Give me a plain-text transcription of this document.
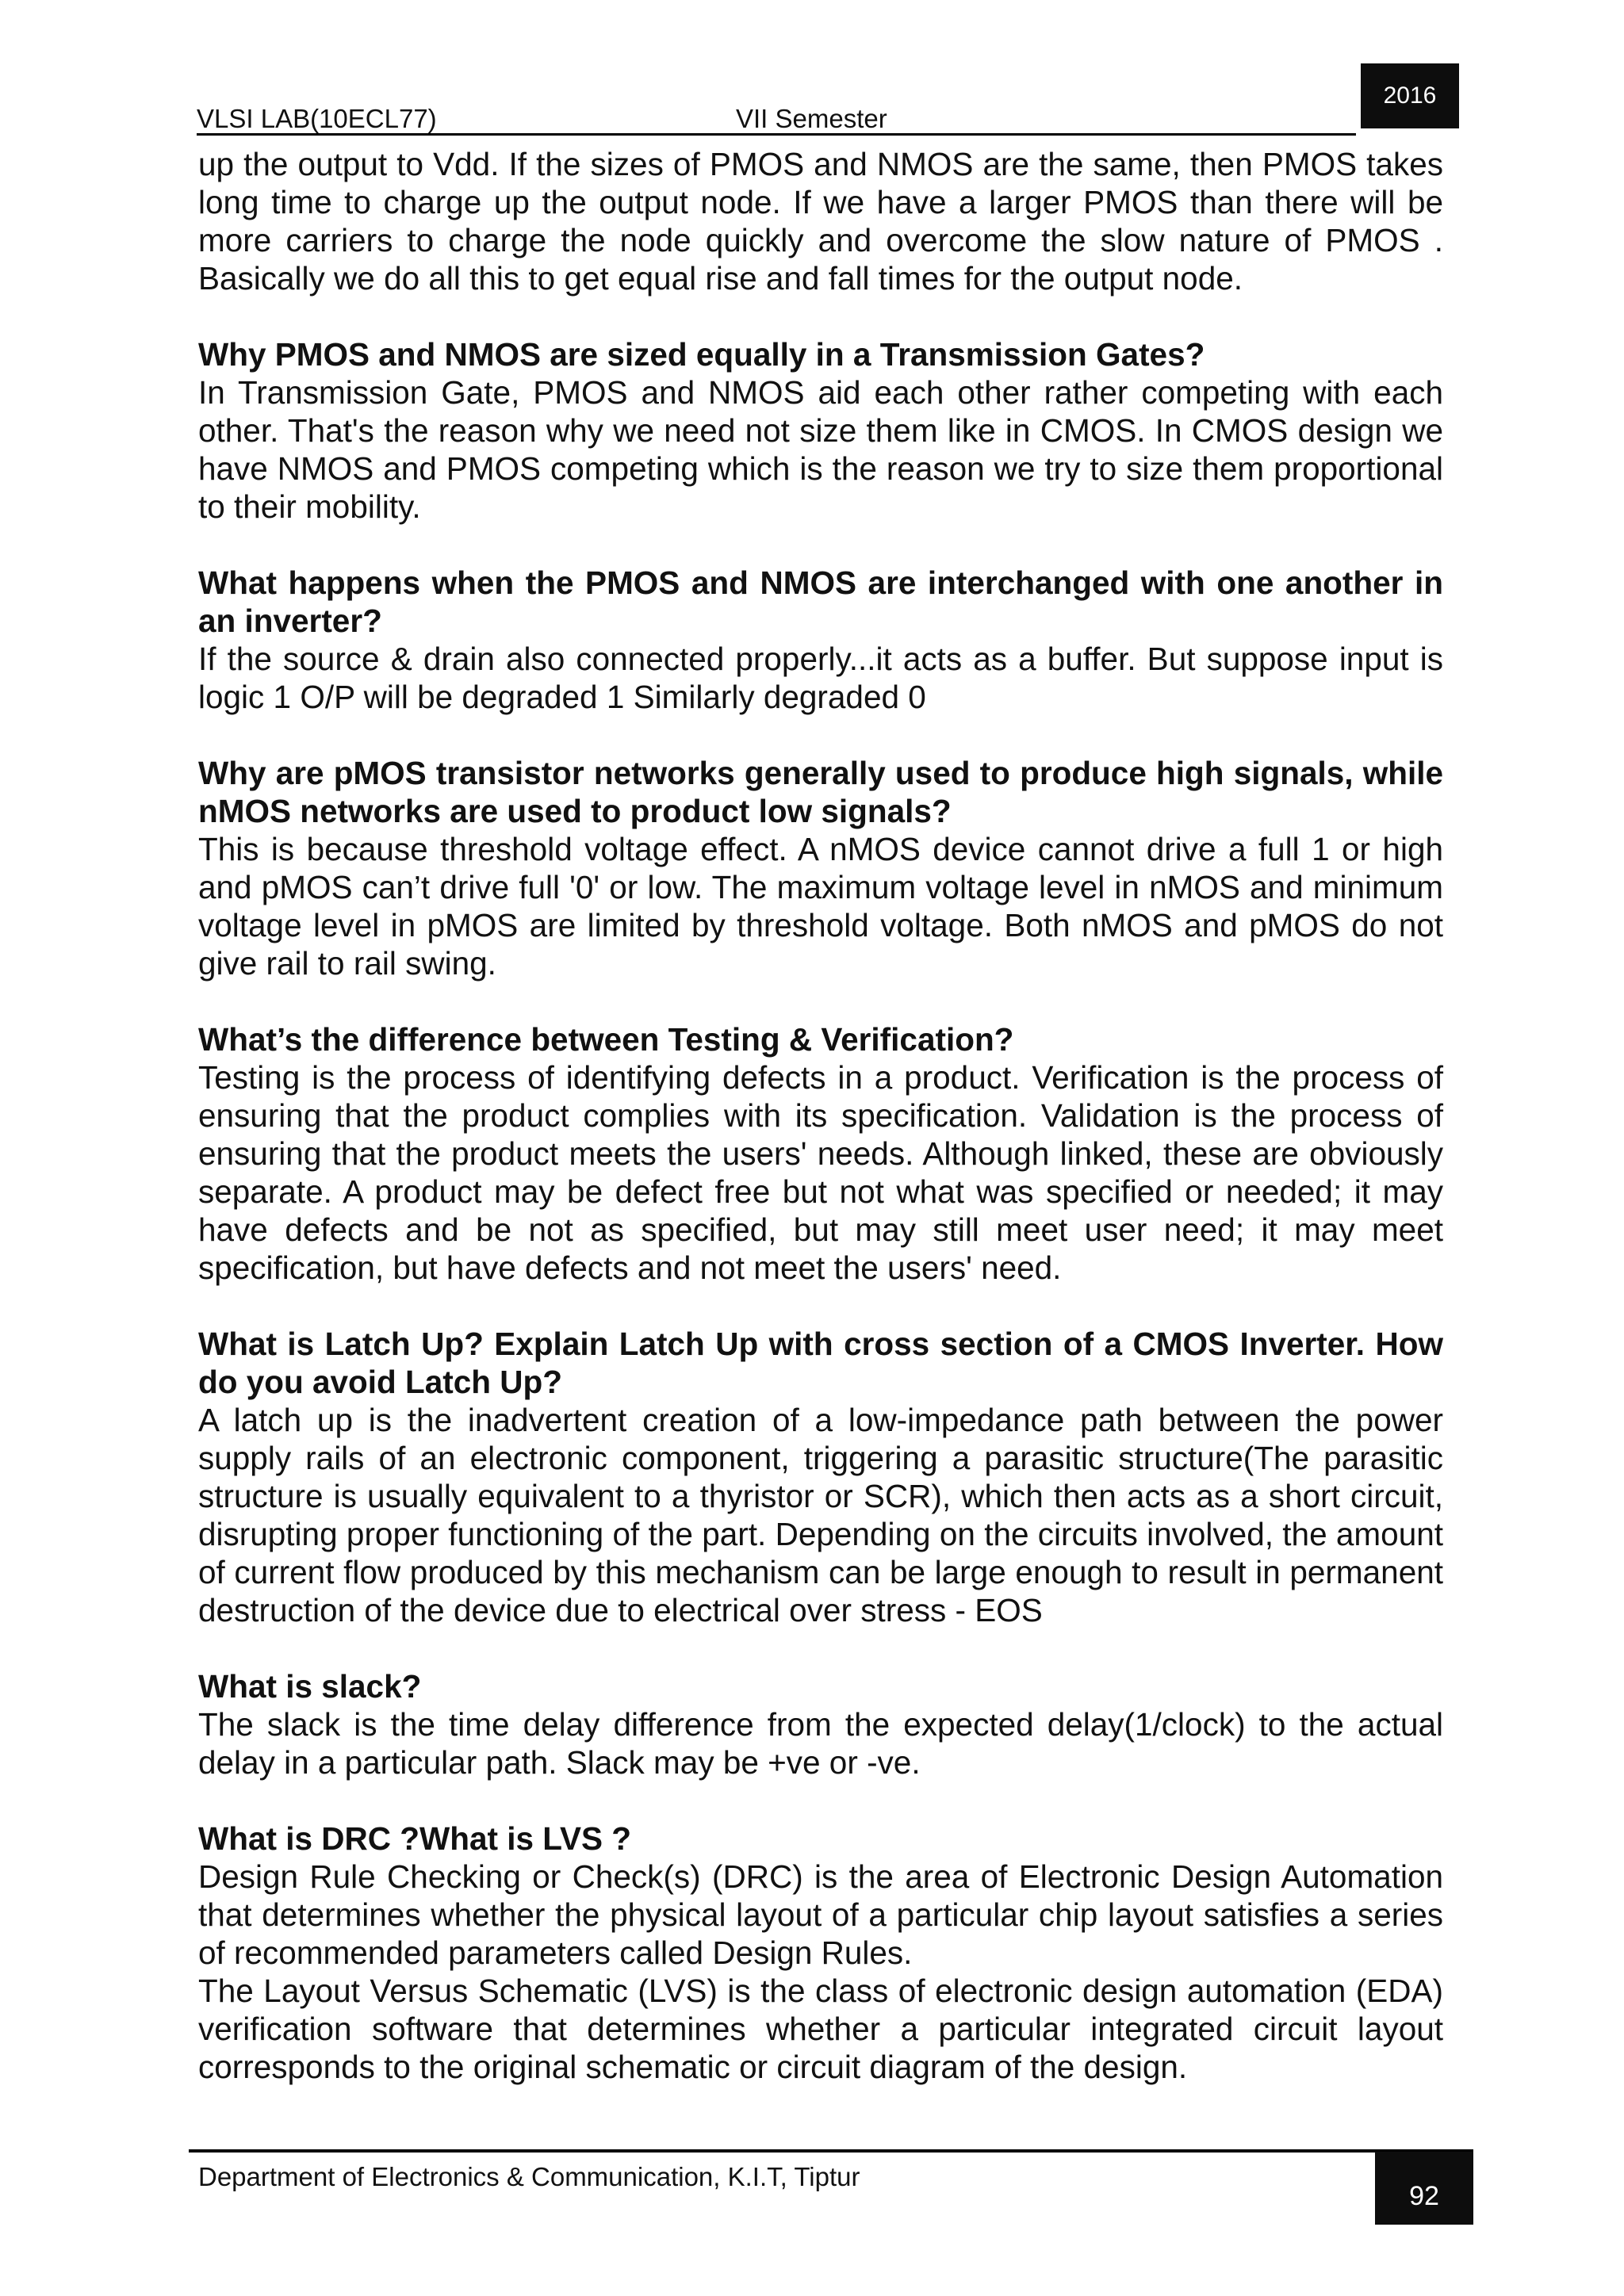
VLSI LAB(10ECL77)	VII Semester
2016

up the output to Vdd. If the sizes of PMOS and NMOS are the same, then PMOS takes long time to charge up the output node. If we have a larger PMOS than there will be more carriers to charge the node quickly and overcome the slow nature of PMOS . Basically we do all this to get equal rise and fall times for the output node.

Why PMOS and NMOS are sized equally in a Transmission Gates?

In Transmission Gate, PMOS and NMOS aid each other rather competing with each other. That's the reason why we need not size them like in CMOS. In CMOS design we have NMOS and PMOS competing which is the reason we try to size them proportional to their mobility.

What happens when the PMOS and NMOS are interchanged with one another in an inverter?

If the source & drain also connected properly...it acts as a buffer. But suppose input is logic 1 O/P will be degraded 1 Similarly degraded 0

Why are pMOS transistor networks generally used to produce high signals, while nMOS networks are used to product low signals?

This is because threshold voltage effect. A nMOS device cannot drive a full 1 or high and pMOS can’t drive full '0' or low. The maximum voltage level in nMOS and minimum voltage level in pMOS are limited by threshold voltage. Both nMOS and pMOS do not give rail to rail swing.

What’s the difference between Testing & Verification?

Testing is the process of identifying defects in a product. Verification is the process of ensuring that the product complies with its specification. Validation is the process of ensuring that the product meets the users' needs. Although linked, these are obviously separate. A product may be defect free but not what was specified or needed; it may have defects and be not as specified, but may still meet user need; it may meet specification, but have defects and not meet the users' need.

What is Latch Up? Explain Latch Up with cross section of a CMOS Inverter. How do you avoid Latch Up?

A latch up is the inadvertent creation of a low-impedance path between the power supply rails of an electronic component, triggering a parasitic structure(The parasitic structure is usually equivalent to a thyristor or SCR), which then acts as a short circuit, disrupting proper functioning of the part. Depending on the circuits involved, the amount of current flow produced by this mechanism can be large enough to result in permanent destruction of the device due to electrical over stress - EOS

What is slack?

The slack is the time delay difference from the expected delay(1/clock) to the actual delay in a particular path. Slack may be +ve or -ve.

What is DRC ?What is LVS ?

Design Rule Checking or Check(s) (DRC) is the area of Electronic Design Automation that determines whether the physical layout of a particular chip layout satisfies a series of recommended parameters called Design Rules.

The Layout Versus Schematic (LVS) is the class of electronic design automation (EDA) verification software that determines whether a particular integrated circuit layout corresponds to the original schematic or circuit diagram of the design.

Department of Electronics & Communication, K.I.T, Tiptur
92
